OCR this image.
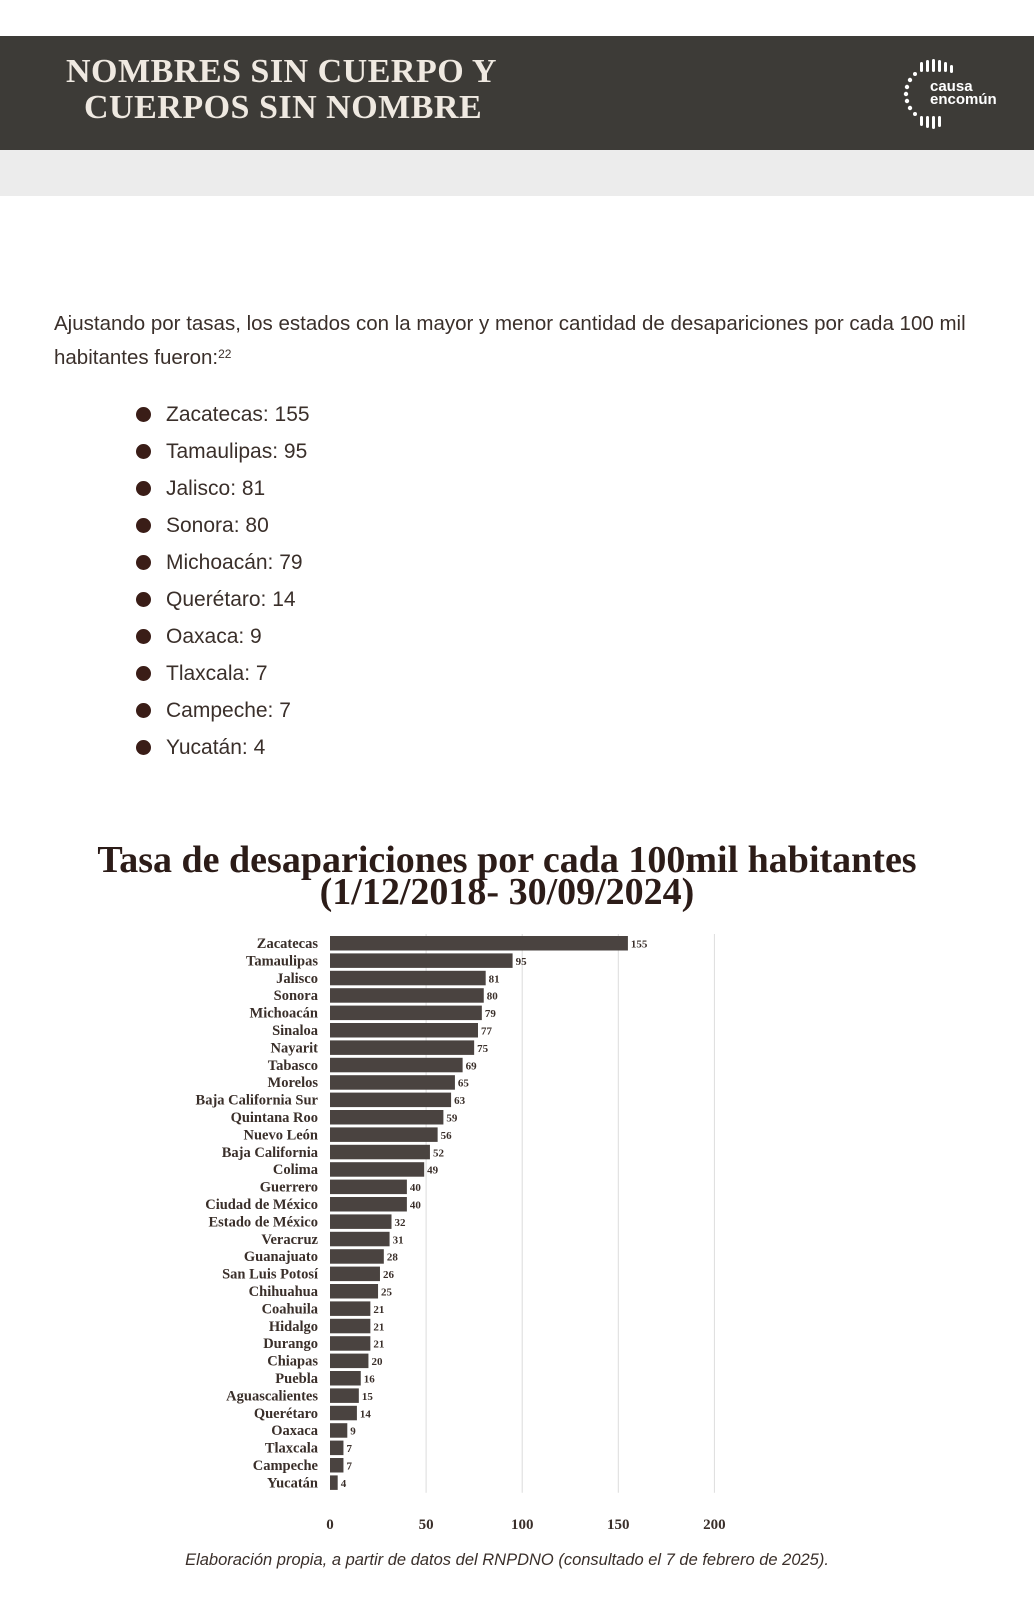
NOMBRES SIN CUERPO Y
CUERPOS SIN NOMBRE
causa
encomún
Ajustando por tasas, los estados con la mayor y menor cantidad de desapariciones por cada 100 mil habitantes fueron:$^{22}$
Zacatecas: 155
Tamaulipas: 95
Jalisco: 81
Sonora: 80
Michoacán: 79
Querétaro: 14
Oaxaca: 9
Tlaxcala: 7
Campeche: 7
Yucatán: 4
Tasa de desapariciones por cada 100mil habitantes
(1/12/2018- 30/09/2024)
Zacatecas	155
Tamaulipas	95
Jalisco	81
Sonora	80
Michoacán	79
Sinaloa	77
Nayarit	75
Tabasco	69
Morelos	65
Baja California Sur	63
Quintana Roo	59
Nuevo León	56
Baja California	52
Colima	49
Guerrero	40
Ciudad de México	40
Estado de México	32
Veracruz	31
Guanajuato	28
San Luis Potosí	26
Chihuahua	25
Coahuila	21
Hidalgo	21
Durango	21
Chiapas	20
Puebla	16
Aguascalientes	15
Querétaro	14
Oaxaca	9
Tlaxcala	7
Campeche	7
Yucatán 4
0	50	100	150	200
Elaboración propia, a partir de datos del RNPDNO (consultado el 7 de febrero de 2025).
